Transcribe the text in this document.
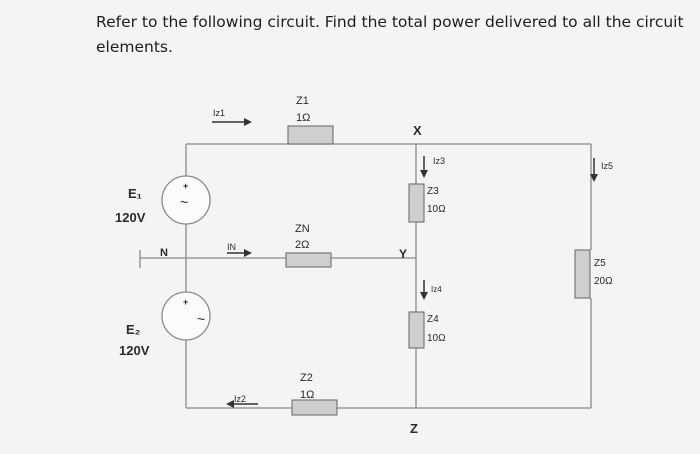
Refer to the following circuit. Find the total power delivered to all the circuit
elements.
+
~
+
~
E₁
120V
E₂
120V
N
X
Y
Z
Z1
1Ω
ZN
2Ω
Z2
1Ω
Z3
10Ω
Z4
10Ω
Z5
20Ω
Iz1
IN
Iz2
Iz3
Iz4
Iz5
